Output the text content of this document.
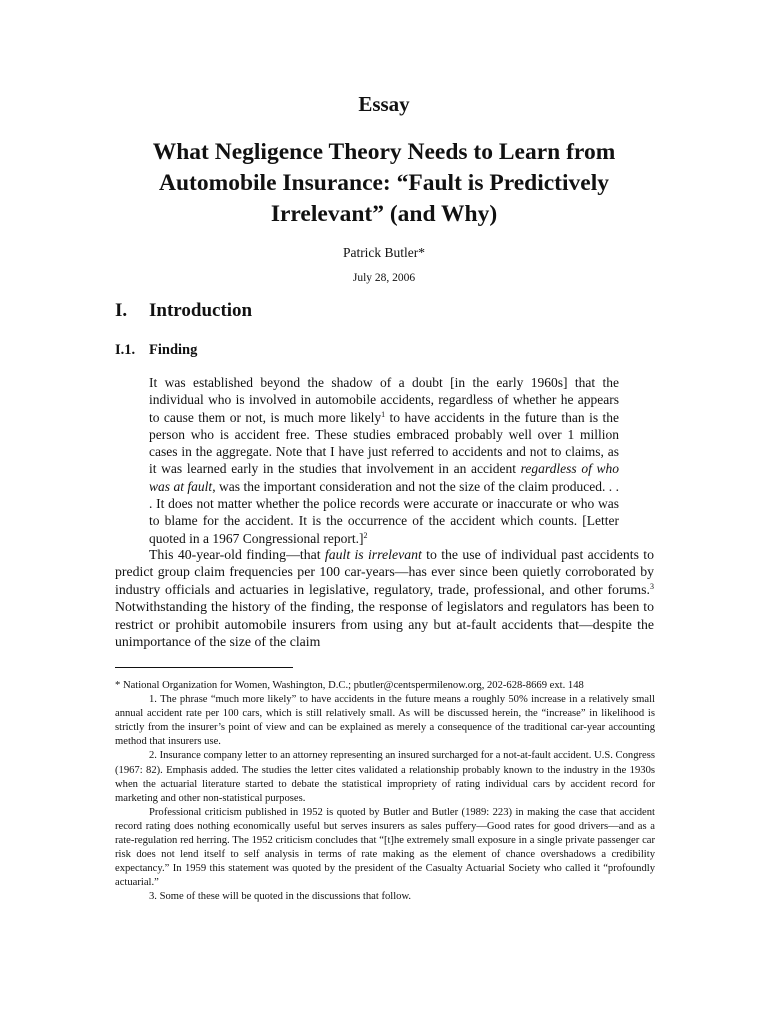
Essay
What Negligence Theory Needs to Learn from Automobile Insurance: “Fault is Predictively Irrelevant” (and Why)
Patrick Butler*
July 28, 2006
I. Introduction
I.1. Finding
It was established beyond the shadow of a doubt [in the early 1960s] that the individual who is involved in automobile accidents, regardless of whether he appears to cause them or not, is much more likely$^1$ to have accidents in the future than is the person who is accident free. These studies embraced probably well over 1 million cases in the aggregate. Note that I have just referred to accidents and not to claims, as it was learned early in the studies that involvement in an accident regardless of who was at fault, was the important consideration and not the size of the claim produced. . . . It does not matter whether the police records were accurate or inaccurate or who was to blame for the accident. It is the occurrence of the accident which counts. [Letter quoted in a 1967 Congressional report.]$^2$
This 40-year-old finding—that fault is irrelevant to the use of individual past accidents to predict group claim frequencies per 100 car-years—has ever since been quietly corroborated by industry officials and actuaries in legislative, regulatory, trade, professional, and other forums.$^3$ Notwithstanding the history of the finding, the response of legislators and regulators has been to restrict or prohibit automobile insurers from using any but at-fault accidents that—despite the unimportance of the size of the claim

* National Organization for Women, Washington, D.C.; pbutler@centspermilenow.org, 202-628-8669 ext. 148

1. The phrase “much more likely” to have accidents in the future means a roughly 50% increase in a relatively small annual accident rate per 100 cars, which is still relatively small. As will be discussed herein, the “increase” in likelihood is strictly from the insurer’s point of view and can be explained as merely a consequence of the traditional car-year accounting method that insurers use.

2. Insurance company letter to an attorney representing an insured surcharged for a not-at-fault accident. U.S. Congress (1967: 82). Emphasis added. The studies the letter cites validated a relationship probably known to the industry in the 1930s when the actuarial literature started to debate the statistical impropriety of rating individual cars by accident record for marketing and other non-statistical purposes.

Professional criticism published in 1952 is quoted by Butler and Butler (1989: 223) in making the case that accident record rating does nothing economically useful but serves insurers as sales puffery—Good rates for good drivers—and as a rate-regulation red herring. The 1952 criticism concludes that “[t]he extremely small exposure in a single private passenger car risk does not lend itself to self analysis in terms of rate making as the element of chance overshadows a credibility expectancy.” In 1959 this statement was quoted by the president of the Casualty Actuarial Society who called it “profoundly actuarial.”

3. Some of these will be quoted in the discussions that follow.
